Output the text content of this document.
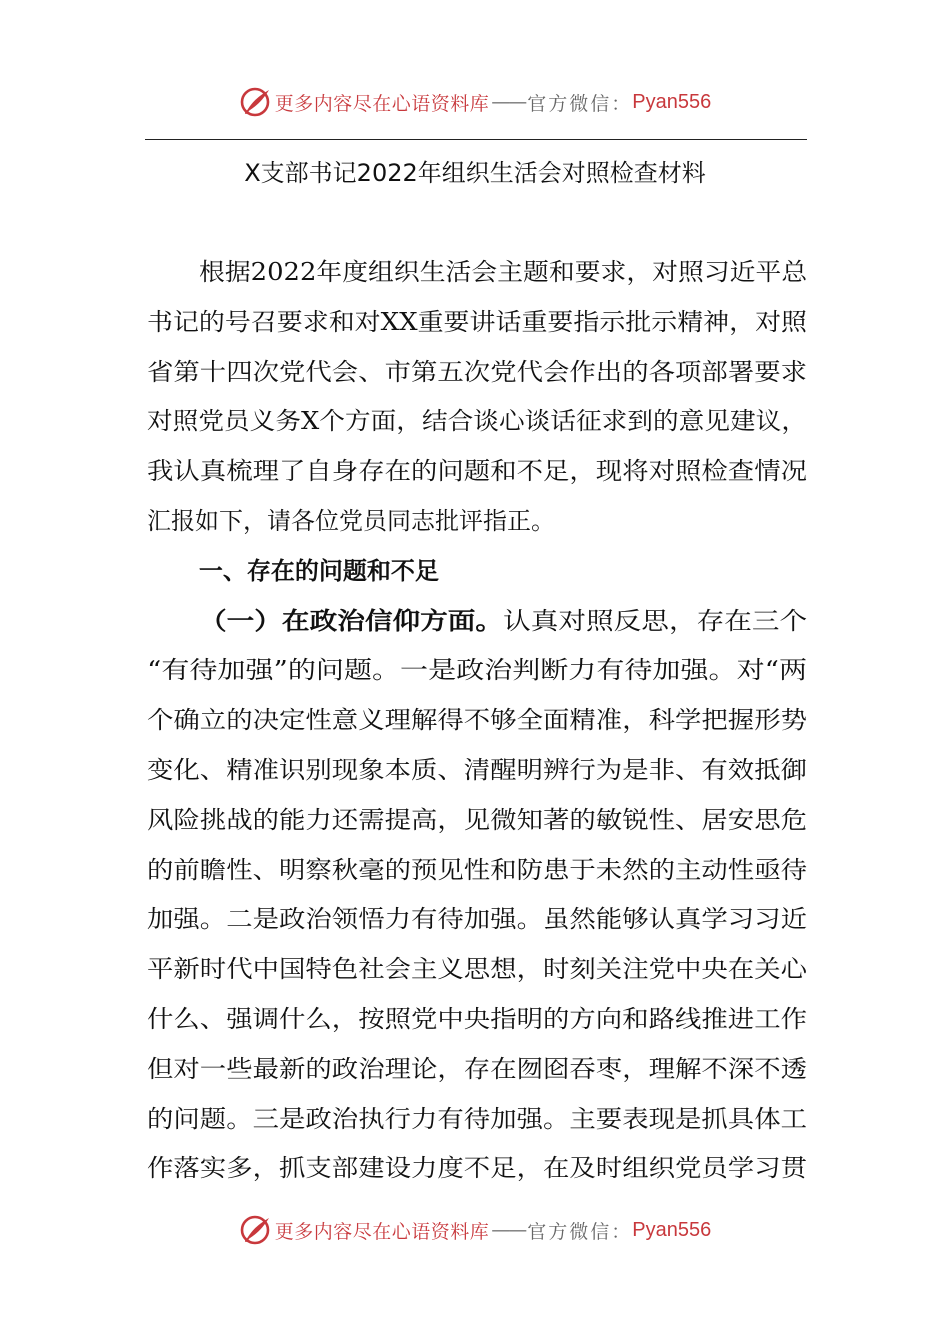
更多内容尽在心语资料库 —— 官方微信： Pyan556
X支部书记2022年组织生活会对照检查材料
根据2022年度组织生活会主题和要求，对照习近平总
书记的号召要求和对XX重要讲话重要指示批示精神，对照
省第十四次党代会、市第五次党代会作出的各项部署要求
对照党员义务X个方面，结合谈心谈话征求到的意见建议，
我认真梳理了自身存在的问题和不足，现将对照检查情况
汇报如下，请各位党员同志批评指正。
一、存在的问题和不足
（一）在政治信仰方面。认真对照反思，存在三个
“有待加强”的问题。一是政治判断力有待加强。对“两
个确立的决定性意义理解得不够全面精准，科学把握形势
变化、精准识别现象本质、清醒明辨行为是非、有效抵御
风险挑战的能力还需提高，见微知著的敏锐性、居安思危
的前瞻性、明察秋毫的预见性和防患于未然的主动性亟待
加强。二是政治领悟力有待加强。虽然能够认真学习习近
平新时代中国特色社会主义思想，时刻关注党中央在关心
什么、强调什么，按照党中央指明的方向和路线推进工作
但对一些最新的政治理论，存在囫囵吞枣，理解不深不透
的问题。三是政治执行力有待加强。主要表现是抓具体工
作落实多，抓支部建设力度不足，在及时组织党员学习贯
更多内容尽在心语资料库 —— 官方微信： Pyan556
